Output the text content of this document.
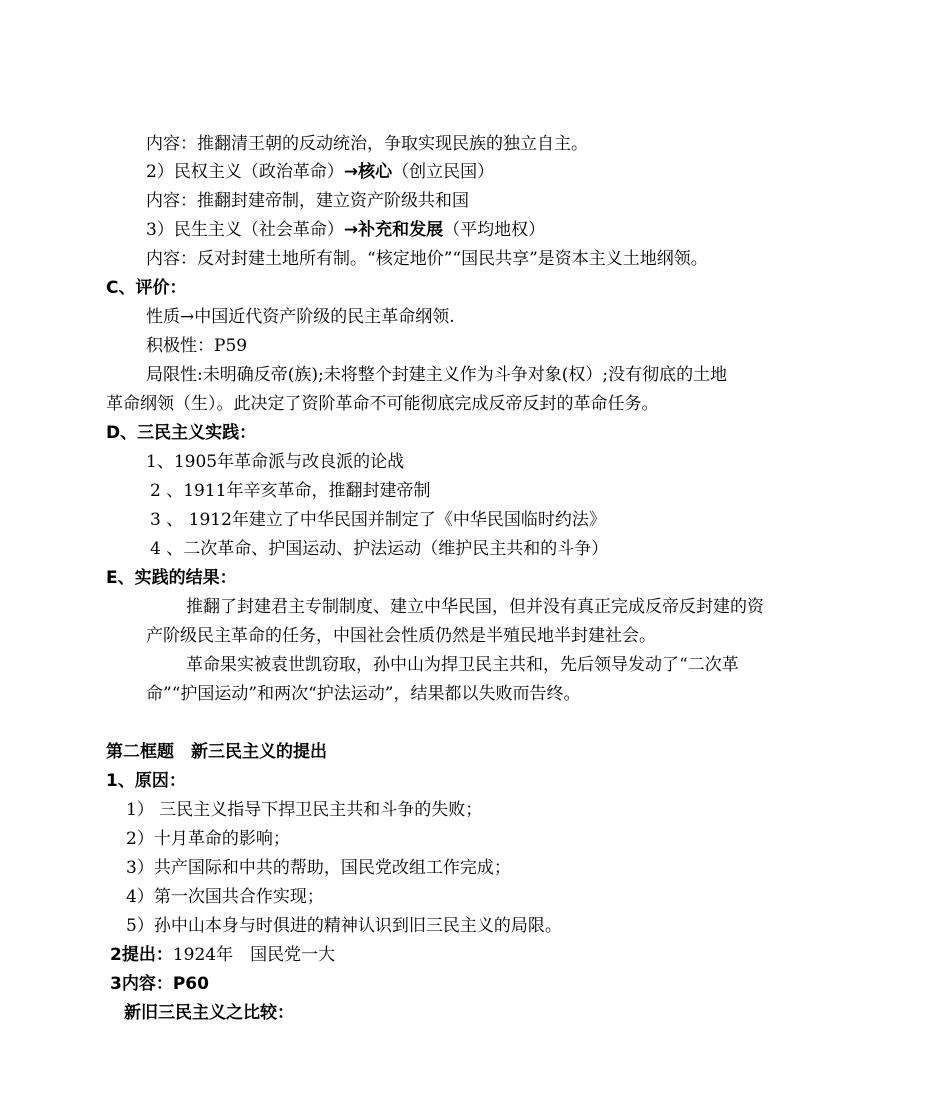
内容：推翻清王朝的反动统治，争取实现民族的独立自主。
2）民权主义（政治革命）→核心（创立民国）
内容：推翻封建帝制，建立资产阶级共和国
3）民生主义（社会革命）→补充和发展（平均地权）
内容：反对封建土地所有制。“核定地价”“国民共享”是资本主义土地纲领。
C、评价：
性质→中国近代资产阶级的民主革命纲领.
积极性：P59
局限性:未明确反帝(族);未将整个封建主义作为斗争对象(权）;没有彻底的土地
革命纲领（生）。此决定了资阶革命不可能彻底完成反帝反封的革命任务。
D、三民主义实践：
1、1905年革命派与改良派的论战
2 、1911年辛亥革命，推翻封建帝制
3 、 1912年建立了中华民国并制定了《中华民国临时约法》
4 、二次革命、护国运动、护法运动（维护民主共和的斗争）
E、实践的结果：
推翻了封建君主专制制度、建立中华民国，但并没有真正完成反帝反封建的资
产阶级民主革命的任务，中国社会性质仍然是半殖民地半封建社会。
革命果实被袁世凯窃取，孙中山为捍卫民主共和，先后领导发动了“二次革
命”“护国运动”和两次“护法运动”，结果都以失败而告终。
第二框题　新三民主义的提出
1、原因：
1） 三民主义指导下捍卫民主共和斗争的失败；
2）十月革命的影响；
3）共产国际和中共的帮助，国民党改组工作完成；
4）第一次国共合作实现；
5）孙中山本身与时俱进的精神认识到旧三民主义的局限。
2提出：1924年　国民党一大
3内容：P60
新旧三民主义之比较：
